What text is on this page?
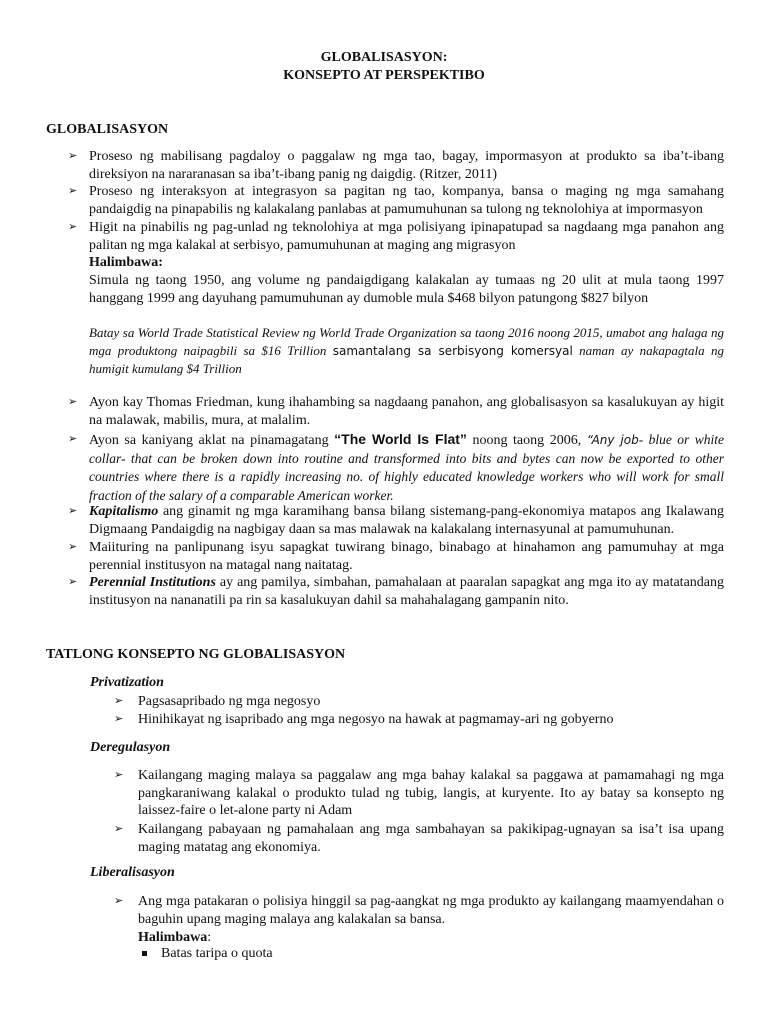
GLOBALISASYON:
KONSEPTO AT PERSPEKTIBO
GLOBALISASYON
➢ Proseso ng mabilisang pagdaloy o paggalaw ng mga tao, bagay, impormasyon at produkto sa iba’t-ibang direksiyon na nararanasan sa iba’t-ibang panig ng daigdig. (Ritzer, 2011)
➢ Proseso ng interaksyon at integrasyon sa pagitan ng tao, kompanya, bansa o maging ng mga samahang pandaigdig na pinapabilis ng kalakalang panlabas at pamumuhunan sa tulong ng teknolohiya at impormasyon
➢ Higit na pinabilis ng pag-unlad ng teknolohiya at mga polisiyang ipinapatupad sa nagdaang mga panahon ang palitan ng mga kalakal at serbisyo, pamumuhunan at maging ang migrasyon
Halimbawa:
Simula ng taong 1950, ang volume ng pandaigdigang kalakalan ay tumaas ng 20 ulit at mula taong 1997 hanggang 1999 ang dayuhang pamumuhunan ay dumoble mula $468 bilyon patungong $827 bilyon
Batay sa World Trade Statistical Review ng World Trade Organization sa taong 2016 noong 2015, umabot ang halaga ng mga produktong naipagbili sa $16 Trillion samantalang sa serbisyong komersyal naman ay nakapagtala ng humigit kumulang $4 Trillion
➢ Ayon kay Thomas Friedman, kung ihahambing sa nagdaang panahon, ang globalisasyon sa kasalukuyan ay higit na malawak, mabilis, mura, at malalim.
➢ Ayon sa kaniyang aklat na pinamagatang “The World Is Flat” noong taong 2006, “Any job- blue or white collar- that can be broken down into routine and transformed into bits and bytes can now be exported to other countries where there is a rapidly increasing no. of highly educated knowledge workers who will work for small fraction of the salary of a comparable American worker.
➢ Kapitalismo ang ginamit ng mga karamihang bansa bilang sistemang-pang-ekonomiya matapos ang Ikalawang Digmaang Pandaigdig na nagbigay daan sa mas malawak na kalakalang internasyunal at pamumuhunan.
➢ Maiituring na panlipunang isyu sapagkat tuwirang binago, binabago at hinahamon ang pamumuhay at mga perennial institusyon na matagal nang naitatag.
➢ Perennial Institutions ay ang pamilya, simbahan, pamahalaan at paaralan sapagkat ang mga ito ay matatandang institusyon na nananatili pa rin sa kasalukuyan dahil sa mahahalagang gampanin nito.
TATLONG KONSEPTO NG GLOBALISASYON
Privatization
➢ Pagsasapribado ng mga negosyo
➢ Hinihikayat ng isapribado ang mga negosyo na hawak at pagmamay-ari ng gobyerno
Deregulasyon
➢ Kailangang maging malaya sa paggalaw ang mga bahay kalakal sa paggawa at pamamahagi ng mga pangkaraniwang kalakal o produkto tulad ng tubig, langis, at kuryente. Ito ay batay sa konsepto ng laissez-faire o let-alone party ni Adam
➢ Kailangang pabayaan ng pamahalaan ang mga sambahayan sa pakikipag-ugnayan sa isa’t isa upang maging matatag ang ekonomiya.
Liberalisasyon
➢ Ang mga patakaran o polisiya hinggil sa pag-aangkat ng mga produkto ay kailangang maamyendahan o baguhin upang maging malaya ang kalakalan sa bansa.
Halimbawa:
Batas taripa o quota
